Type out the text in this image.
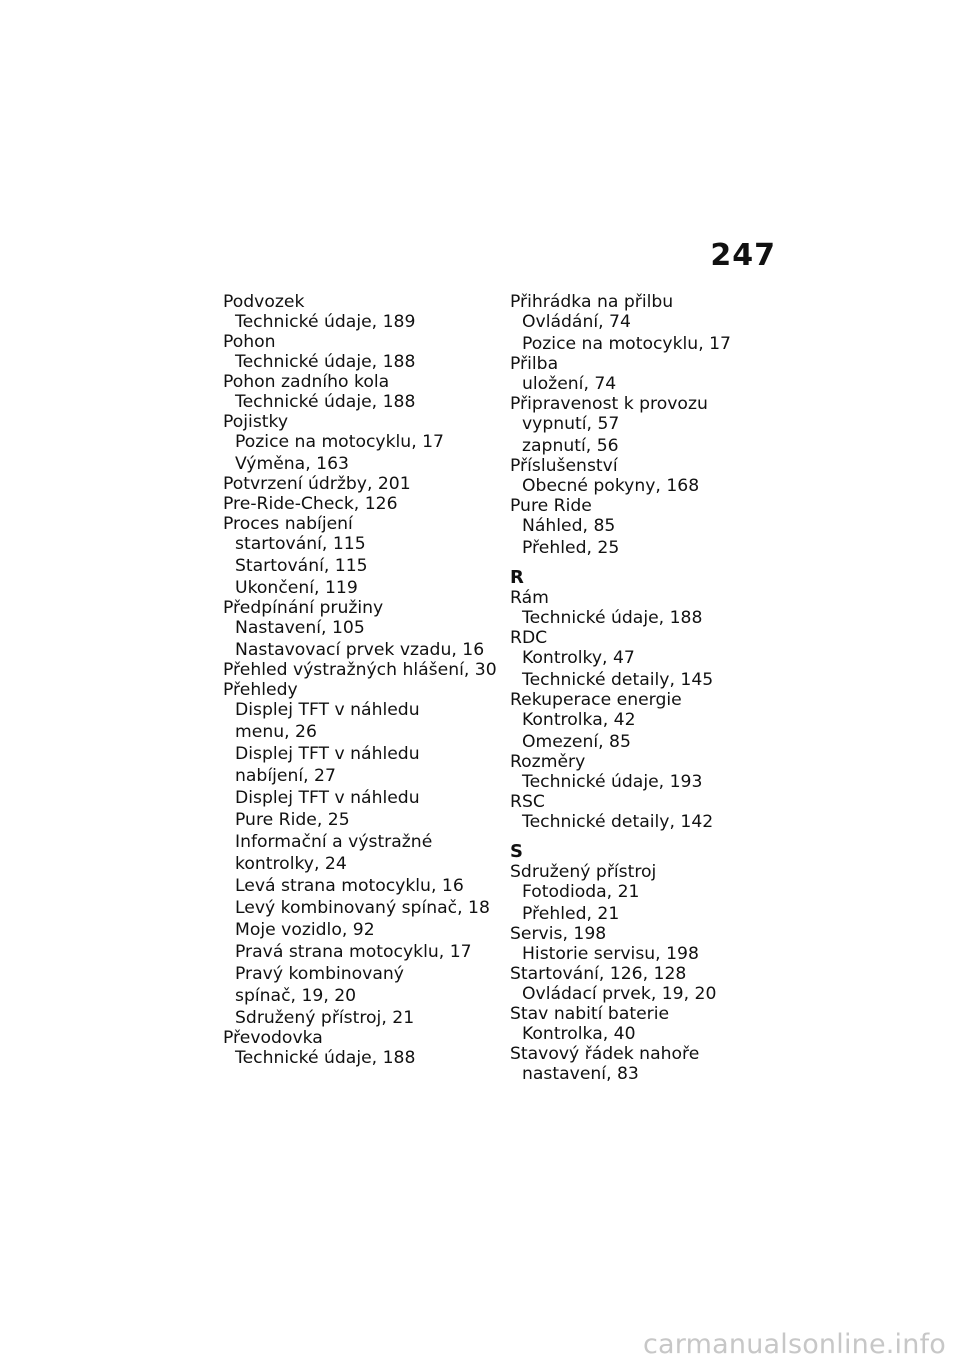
247
Podvozek
Technické údaje, 189
Pohon
Technické údaje, 188
Pohon zadního kola
Technické údaje, 188
Pojistky
Pozice na motocyklu, 17
Výměna, 163
Potvrzení údržby, 201
Pre-Ride-Check, 126
Proces nabíjení
startování, 115
Startování, 115
Ukončení, 119
Předpínání pružiny
Nastavení, 105
Nastavovací prvek vzadu, 16
Přehled výstražných hlášení, 30
Přehledy
Displej TFT v náhledu
menu, 26
Displej TFT v náhledu
nabíjení, 27
Displej TFT v náhledu
Pure Ride, 25
Informační a výstražné
kontrolky, 24
Levá strana motocyklu, 16
Levý kombinovaný spínač, 18
Moje vozidlo, 92
Pravá strana motocyklu, 17
Pravý kombinovaný
spínač, 19, 20
Sdružený přístroj, 21
Převodovka
Technické údaje, 188
Přihrádka na přilbu
Ovládání, 74
Pozice na motocyklu, 17
Přilba
uložení, 74
Připravenost k provozu
vypnutí, 57
zapnutí, 56
Příslušenství
Obecné pokyny, 168
Pure Ride
Náhled, 85
Přehled, 25
R
Rám
Technické údaje, 188
RDC
Kontrolky, 47
Technické detaily, 145
Rekuperace energie
Kontrolka, 42
Omezení, 85
Rozměry
Technické údaje, 193
RSC
Technické detaily, 142
S
Sdružený přístroj
Fotodioda, 21
Přehled, 21
Servis, 198
Historie servisu, 198
Startování, 126, 128
Ovládací prvek, 19, 20
Stav nabití baterie
Kontrolka, 40
Stavový řádek nahoře
nastavení, 83
carmanualsonline.info
